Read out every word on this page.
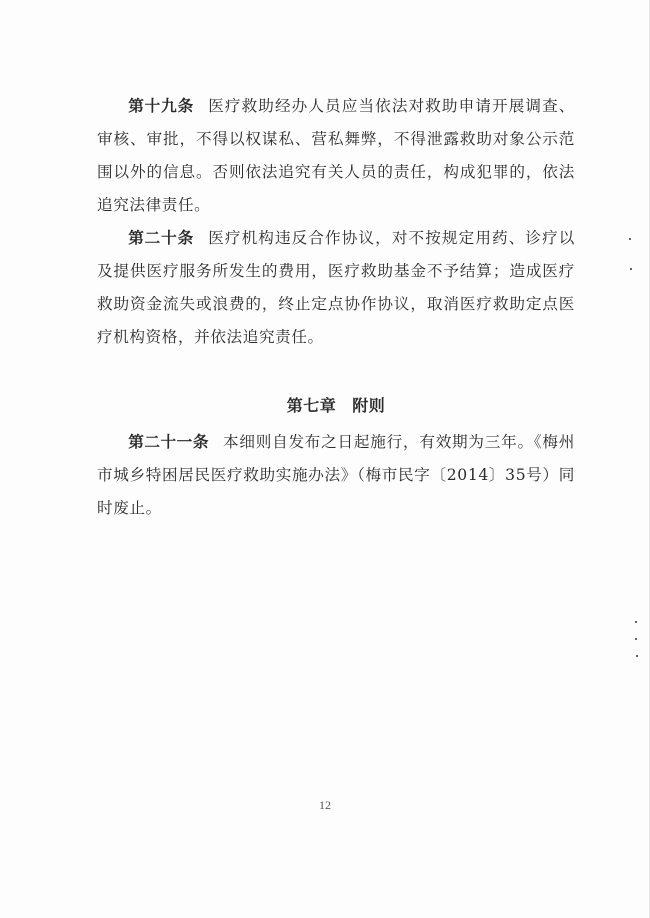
第十九条 医疗救助经办人员应当依法对救助申请开展调查、审核、审批，不得以权谋私、营私舞弊，不得泄露救助对象公示范围以外的信息。否则依法追究有关人员的责任，构成犯罪的，依法追究法律责任。

第二十条 医疗机构违反合作协议，对不按规定用药、诊疗以及提供医疗服务所发生的费用，医疗救助基金不予结算；造成医疗救助资金流失或浪费的，终止定点协作协议，取消医疗救助定点医疗机构资格，并依法追究责任。

第七章 附则

第二十一条 本细则自发布之日起施行，有效期为三年。《梅州市城乡特困居民医疗救助实施办法》（梅市民字〔2014〕35号）同时废止。

12
